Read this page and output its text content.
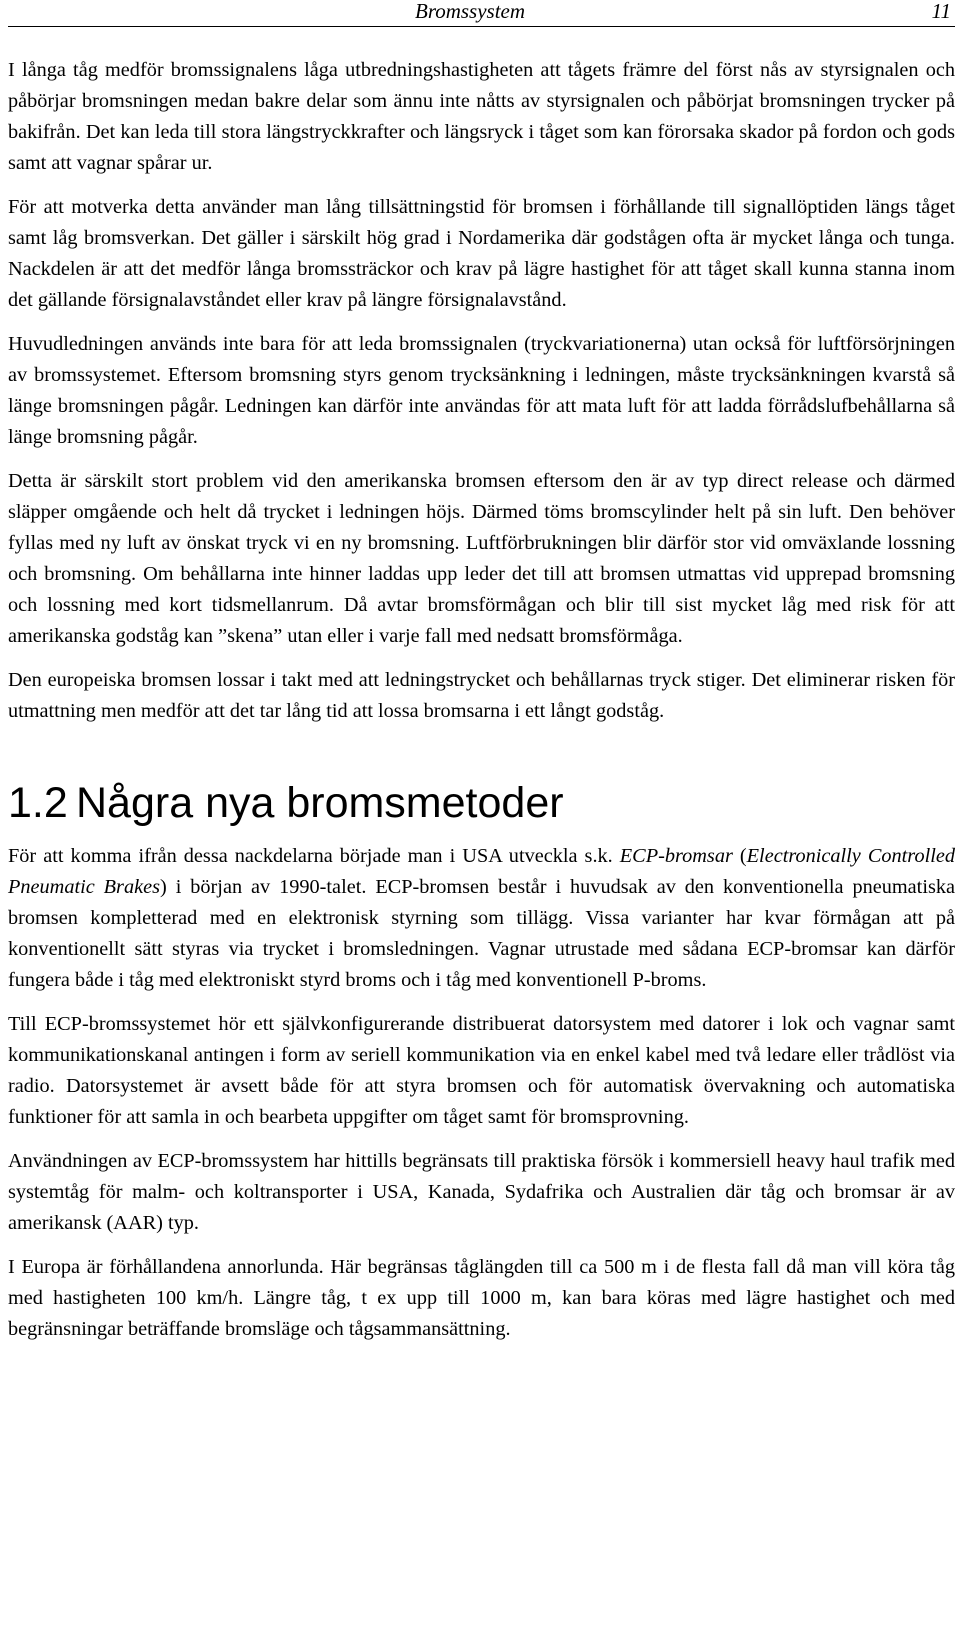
Bromssystem	11

I långa tåg medför bromssignalens låga utbredningshastigheten att tågets främre del först nås av styrsignalen och påbörjar bromsningen medan bakre delar som ännu inte nåtts av styrsignalen och påbörjat bromsningen trycker på bakifrån. Det kan leda till stora längstryckkrafter och längsryck i tåget som kan förorsaka skador på fordon och gods samt att vagnar spårar ur.

För att motverka detta använder man lång tillsättningstid för bromsen i förhållande till signallöptiden längs tåget samt låg bromsverkan. Det gäller i särskilt hög grad i Nordamerika där godstågen ofta är mycket långa och tunga. Nackdelen är att det medför långa bromssträckor och krav på lägre hastighet för att tåget skall kunna stanna inom det gällande försignalavståndet eller krav på längre försignalavstånd.

Huvudledningen används inte bara för att leda bromssignalen (tryckvariationerna) utan också för luftförsörjningen av bromssystemet. Eftersom bromsning styrs genom trycksänkning i ledningen, måste trycksänkningen kvarstå så länge bromsningen pågår. Ledningen kan därför inte användas för att mata luft för att ladda förrådslufbehållarna så länge bromsning pågår.

Detta är särskilt stort problem vid den amerikanska bromsen eftersom den är av typ direct release och därmed släpper omgående och helt då trycket i ledningen höjs. Därmed töms bromscylinder helt på sin luft. Den behöver fyllas med ny luft av önskat tryck vi en ny bromsning. Luftförbrukningen blir därför stor vid omväxlande lossning och bromsning. Om behållarna inte hinner laddas upp leder det till att bromsen utmattas vid upprepad bromsning och lossning med kort tidsmellanrum. Då avtar bromsförmågan och blir till sist mycket låg med risk för att amerikanska godståg kan ”skena” utan eller i varje fall med nedsatt bromsförmåga.

Den europeiska bromsen lossar i takt med att ledningstrycket och behållarnas tryck stiger. Det eliminerar risken för utmattning men medför att det tar lång tid att lossa bromsarna i ett långt godståg.

1.2 Några nya bromsmetoder

För att komma ifrån dessa nackdelarna började man i USA utveckla s.k. ECP-bromsar (Electronically Controlled Pneumatic Brakes) i början av 1990-talet. ECP-bromsen består i huvudsak av den konventionella pneumatiska bromsen kompletterad med en elektronisk styrning som tillägg. Vissa varianter har kvar förmågan att på konventionellt sätt styras via trycket i bromsledningen. Vagnar utrustade med sådana ECP-bromsar kan därför fungera både i tåg med elektroniskt styrd broms och i tåg med konventionell P-broms.

Till ECP-bromssystemet hör ett självkonfigurerande distribuerat datorsystem med datorer i lok och vagnar samt kommunikationskanal antingen i form av seriell kommunikation via en enkel kabel med två ledare eller trådlöst via radio. Datorsystemet är avsett både för att styra bromsen och för automatisk övervakning och automatiska funktioner för att samla in och bearbeta uppgifter om tåget samt för bromsprovning.

Användningen av ECP-bromssystem har hittills begränsats till praktiska försök i kommersiell heavy haul trafik med systemtåg för malm- och koltransporter i USA, Kanada, Sydafrika och Australien där tåg och bromsar är av amerikansk (AAR) typ.

I Europa är förhållandena annorlunda. Här begränsas tåglängden till ca 500 m i de flesta fall då man vill köra tåg med hastigheten 100 km/h. Längre tåg, t ex upp till 1000 m, kan bara köras med lägre hastighet och med begränsningar beträffande bromsläge och tågsammansättning.
